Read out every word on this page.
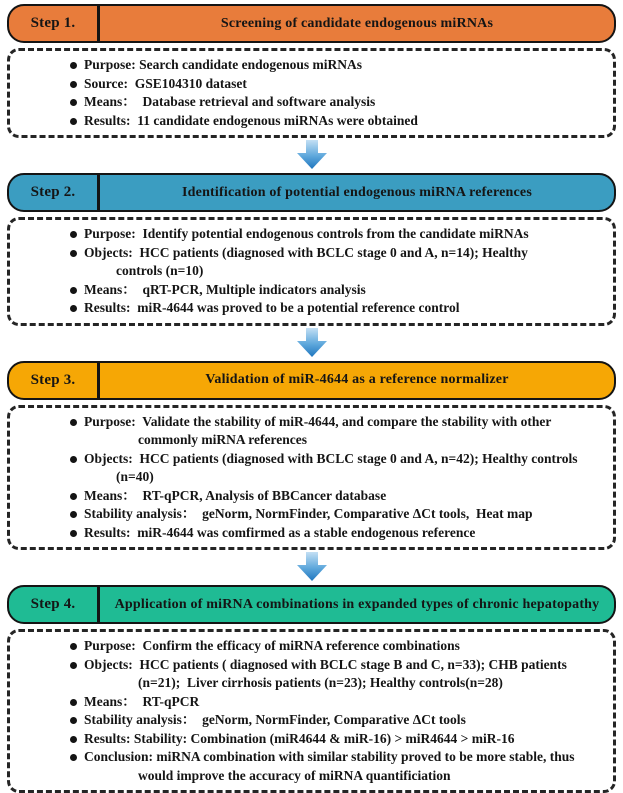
Step 1.	Screening of candidate endogenous miRNAs
Purpose: Search candidate endogenous miRNAs
Source:  GSE104310 dataset
Means：  Database retrieval and software analysis
Results:  11 candidate endogenous miRNAs were obtained
Step 2.	Identification of potential endogenous miRNA references
Purpose:  Identify potential endogenous controls from the candidate miRNAs
Objects:  HCC patients (diagnosed with BCLC stage 0 and A, n=14); Healthy
controls (n=10)
Means：  qRT-PCR, Multiple indicators analysis
Results:  miR-4644 was proved to be a potential reference control
Step 3.	Validation of miR-4644 as a reference normalizer
Purpose:  Validate the stability of miR-4644, and compare the stability with other
commonly miRNA references
Objects:  HCC patients (diagnosed with BCLC stage 0 and A, n=42); Healthy controls
(n=40)
Means：  RT-qPCR, Analysis of BBCancer database
Stability analysis：  geNorm, NormFinder, Comparative ΔCt tools,  Heat map
Results:  miR-4644 was comfirmed as a stable endogenous reference
Step 4.	Application of miRNA combinations in expanded types of chronic hepatopathy
Purpose:  Confirm the efficacy of miRNA reference combinations
Objects:  HCC patients ( diagnosed with BCLC stage B and C, n=33); CHB patients
(n=21);  Liver cirrhosis patients (n=23); Healthy controls(n=28)
Means：  RT-qPCR
Stability analysis：  geNorm, NormFinder, Comparative ΔCt tools
Results: Stability: Combination (miR4644 & miR-16) > miR4644 > miR-16
Conclusion: miRNA combination with similar stability proved to be more stable, thus
would improve the accuracy of miRNA quantificiation
